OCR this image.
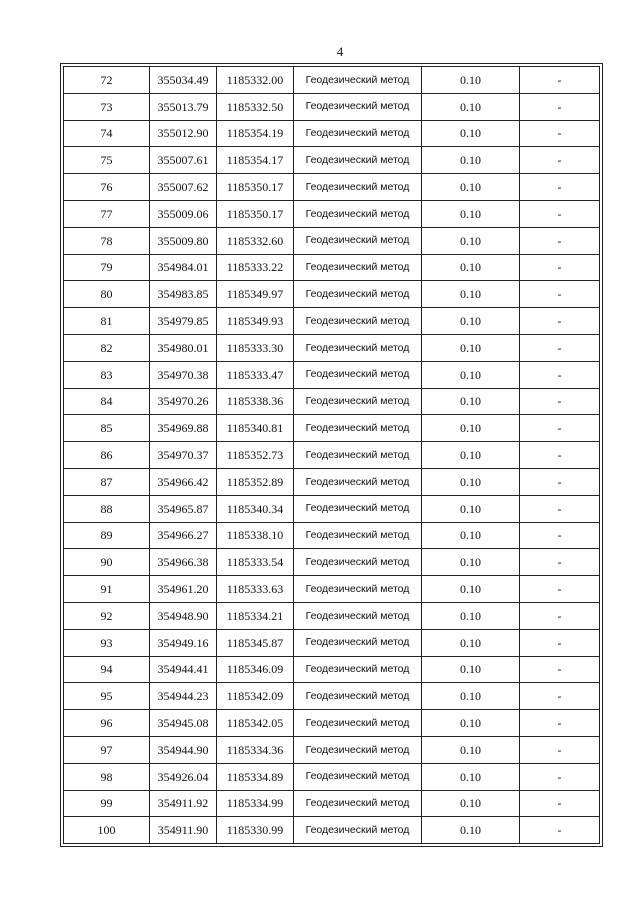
4
72	355034.49	1185332.00	Геодезический метод	0.10	-
73	355013.79	1185332.50	Геодезический метод	0.10	-
74	355012.90	1185354.19	Геодезический метод	0.10	-
75	355007.61	1185354.17	Геодезический метод	0.10	-
76	355007.62	1185350.17	Геодезический метод	0.10	-
77	355009.06	1185350.17	Геодезический метод	0.10	-
78	355009.80	1185332.60	Геодезический метод	0.10	-
79	354984.01	1185333.22	Геодезический метод	0.10	-
80	354983.85	1185349.97	Геодезический метод	0.10	-
81	354979.85	1185349.93	Геодезический метод	0.10	-
82	354980.01	1185333.30	Геодезический метод	0.10	-
83	354970.38	1185333.47	Геодезический метод	0.10	-
84	354970.26	1185338.36	Геодезический метод	0.10	-
85	354969.88	1185340.81	Геодезический метод	0.10	-
86	354970.37	1185352.73	Геодезический метод	0.10	-
87	354966.42	1185352.89	Геодезический метод	0.10	-
88	354965.87	1185340.34	Геодезический метод	0.10	-
89	354966.27	1185338.10	Геодезический метод	0.10	-
90	354966.38	1185333.54	Геодезический метод	0.10	-
91	354961.20	1185333.63	Геодезический метод	0.10	-
92	354948.90	1185334.21	Геодезический метод	0.10	-
93	354949.16	1185345.87	Геодезический метод	0.10	-
94	354944.41	1185346.09	Геодезический метод	0.10	-
95	354944.23	1185342.09	Геодезический метод	0.10	-
96	354945.08	1185342.05	Геодезический метод	0.10	-
97	354944.90	1185334.36	Геодезический метод	0.10	-
98	354926.04	1185334.89	Геодезический метод	0.10	-
99	354911.92	1185334.99	Геодезический метод	0.10	-
100	354911.90	1185330.99	Геодезический метод	0.10	-
